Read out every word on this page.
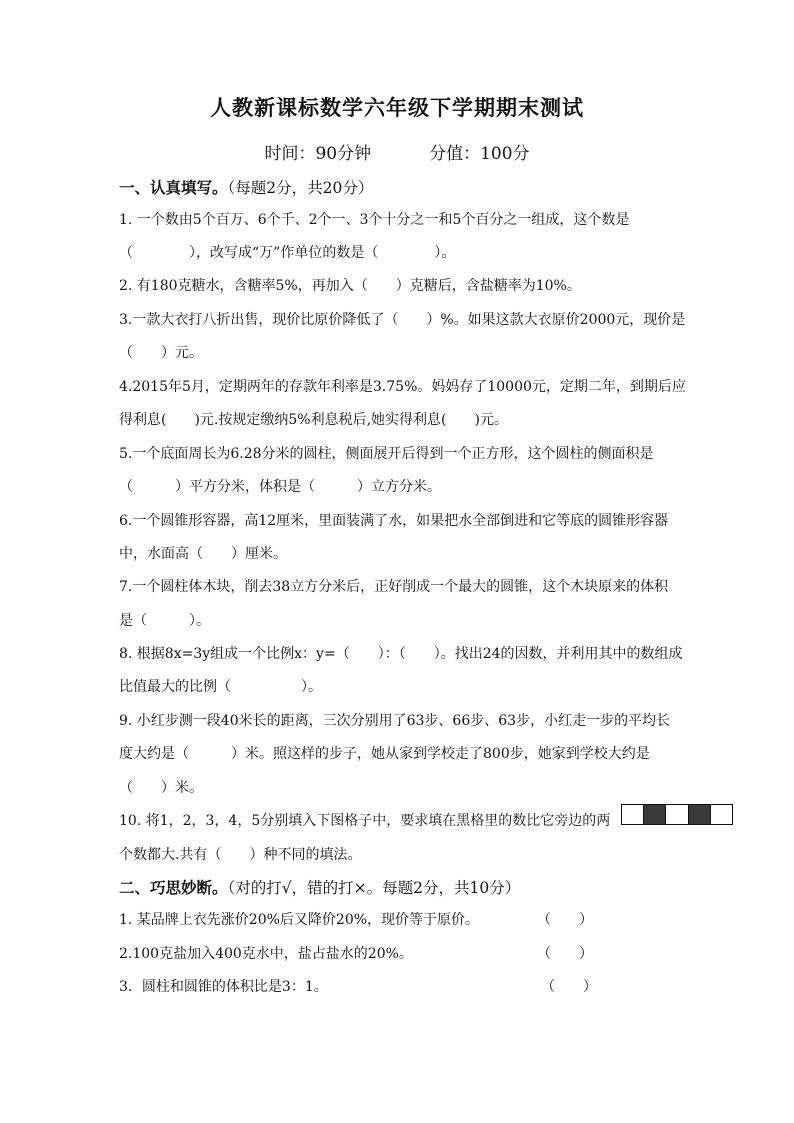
人教新课标数学六年级下学期期末测试
时间：90分钟	分值：100分
一、认真填写。（每题2分，共20分）
1. 一个数由5个百万、6个千、2个一、3个十分之一和5个百分之一组成，这个数是
（　　　　），改写成“万”作单位的数是（　　　　）。
2. 有180克糖水，含糖率5%，再加入（　　）克糖后，含盐糖率为10%。
3.一款大衣打八折出售，现价比原价降低了（　　）%。如果这款大衣原价2000元，现价是
（　　）元。
4.2015年5月，定期两年的存款年利率是3.75%。妈妈存了10000元，定期二年，到期后应
得利息(　　)元.按规定缴纳5%利息税后,她实得利息(　　)元。
5.一个底面周长为6.28分米的圆柱，侧面展开后得到一个正方形，这个圆柱的侧面积是
（　　　）平方分米，体积是（　　　）立方分米。
6.一个圆锥形容器，高12厘米，里面装满了水，如果把水全部倒进和它等底的圆锥形容器
中，水面高（　　）厘米。
7.一个圆柱体木块，削去38立方分米后，正好削成一个最大的圆锥，这个木块原来的体积
是（　　　）。
8. 根据8x=3y组成一个比例x：y=（　　）：（　　）。找出24的因数，并利用其中的数组成
比值最大的比例（　　　　　）。
9. 小红步测一段40米长的距离，三次分别用了63步、66步、63步，小红走一步的平均长
度大约是（　　　）米。照这样的步子，她从家到学校走了800步，她家到学校大约是
（　　）米。
10. 将1，2，3，4，5分别填入下图格子中，要求填在黑格里的数比它旁边的两
个数都大.共有（　　）种不同的填法。
二、巧思妙断。（对的打√，错的打×。每题2分，共10分）
1. 某品牌上衣先涨价20%后又降价20%，现价等于原价。	（　　）
2.100克盐加入400克水中，盐占盐水的20%。	（　　）
3．圆柱和圆锥的体积比是3：1。	（　　）
